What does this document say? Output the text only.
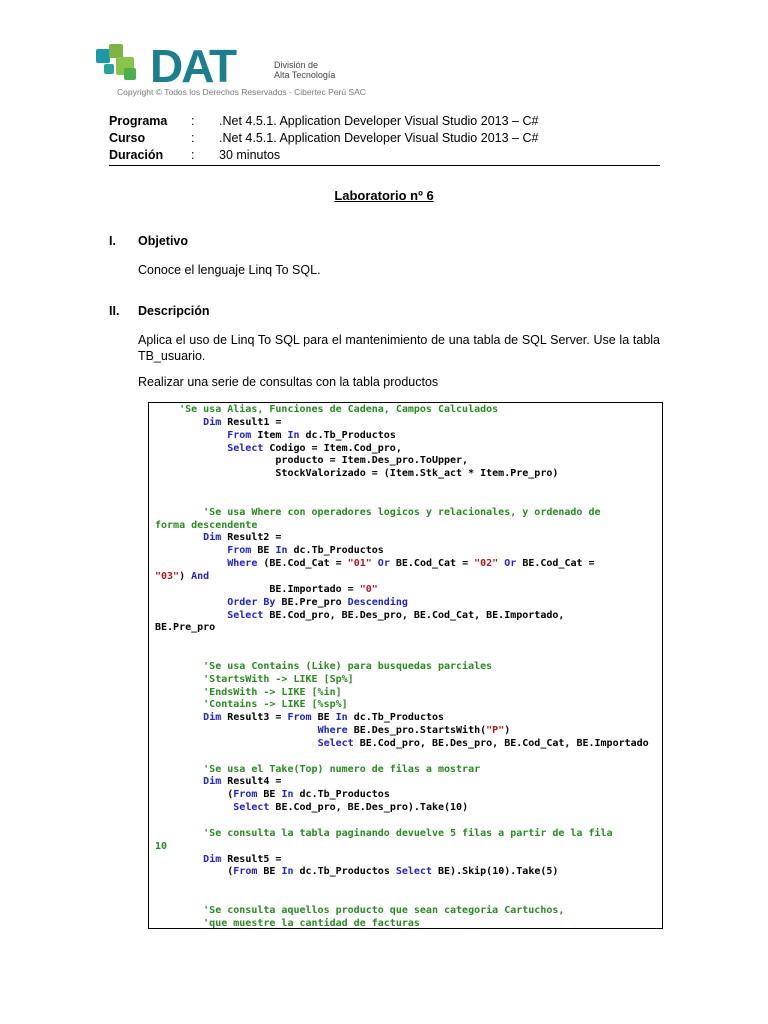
DAT	División de
Alta Tecnología
Copyright © Todos los Derechos Reservados - Cibertec Perú SAC
Programa	:	.Net 4.5.1. Application Developer Visual Studio 2013 – C#
Curso	:	.Net 4.5.1. Application Developer Visual Studio 2013 – C#
Duración	:	30 minutos
Laboratorio nº 6
I. Objetivo
Conoce el lenguaje Linq To SQL.
II. Descripción
Aplica el uso de Linq To SQL para el mantenimiento de una tabla de SQL Server. Use la tabla TB_usuario.
Realizar una serie de consultas con la tabla productos
'Se usa Alias, Funciones de Cadena, Campos Calculados
Dim Result1 =
From Item In dc.Tb_Productos
Select Codigo = Item.Cod_pro,
producto = Item.Des_pro.ToUpper,
StockValorizado = (Item.Stk_act * Item.Pre_pro)
'Se usa Where con operadores logicos y relacionales, y ordenado de
forma descendente
Dim Result2 =
From BE In dc.Tb_Productos
Where (BE.Cod_Cat = "01" Or BE.Cod_Cat = "02" Or BE.Cod_Cat =
"03") And
BE.Importado = "0"
Order By BE.Pre_pro Descending
Select BE.Cod_pro, BE.Des_pro, BE.Cod_Cat, BE.Importado,
BE.Pre_pro
'Se usa Contains (Like) para busquedas parciales
'StartsWith -> LIKE [Sp%]
'EndsWith -> LIKE [%in]
'Contains -> LIKE [%sp%]
Dim Result3 = From BE In dc.Tb_Productos
Where BE.Des_pro.StartsWith("P")
Select BE.Cod_pro, BE.Des_pro, BE.Cod_Cat, BE.Importado
'Se usa el Take(Top) numero de filas a mostrar
Dim Result4 =
(From BE In dc.Tb_Productos
Select BE.Cod_pro, BE.Des_pro).Take(10)
'Se consulta la tabla paginando devuelve 5 filas a partir de la fila
10
Dim Result5 =
(From BE In dc.Tb_Productos Select BE).Skip(10).Take(5)
'Se consulta aquellos producto que sean categoria Cartuchos,
'que muestre la cantidad de facturas
